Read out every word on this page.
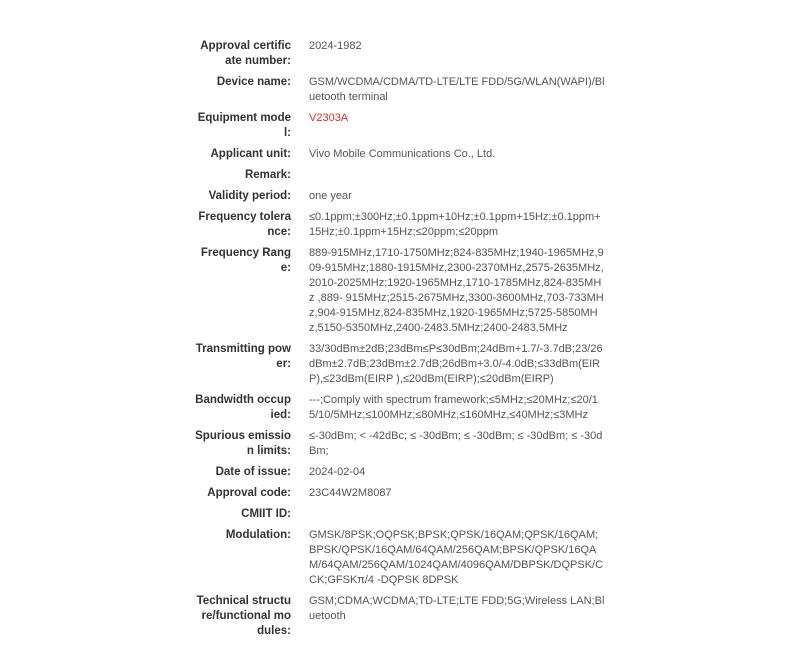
Approval certificate number:
2024-1982
Device name: GSM/WCDMA/CDMA/TD-LTE/LTE FDD/5G/WLAN(WAPI)/Bluetooth terminal
Equipment model:
V2303A
Applicant unit: Vivo Mobile Communications Co., Ltd.
Remark:
Validity period: one year
Frequency tolerance:
≤0.1ppm;±300Hz;±0.1ppm+10Hz;±0.1ppm+15Hz;±0.1ppm+15Hz;±0.1ppm+15Hz;≤20ppm;≤20ppm
Frequency Range:
889-915MHz,1710-1750MHz;824-835MHz;1940-1965MHz,909-915MHz;1880-1915MHz,2300-2370MHz,2575-2635MHz,2010-2025MHz;1920-1965MHz,1710-1785MHz,824-835MHz ,889- 915MHz;2515-2675MHz,3300-3600MHz,703-733MHz,904-915MHz,824-835MHz,1920-1965MHz;5725-5850MHz,5150-5350MHz,2400-2483.5MHz;2400-2483.5MHz
Transmitting power:
33/30dBm±2dB;23dBm≤P≤30dBm;24dBm+1.7/-3.7dB;23/26dBm±2.7dB;23dBm±2.7dB;26dBm+3.0/-4.0dB;≤33dBm(EIRP),≤23dBm(EIRP ),≤20dBm(EIRP);≤20dBm(EIRP)
Bandwidth occupied:
---;Comply with spectrum framework;≤5MHz;≤20MHz;≤20/15/10/5MHz;≤100MHz;≤80MHz,≤160MHz,≤40MHz;≤3MHz
Spurious emission limits:
≤-30dBm; < -42dBc; ≤ -30dBm; ≤ -30dBm; ≤ -30dBm; ≤ -30dBm;
Date of issue: 2024-02-04
Approval code: 23C44W2M8087
CMIIT ID:
Modulation: GMSK/8PSK;OQPSK;BPSK;QPSK/16QAM;QPSK/16QAM;BPSK/QPSK/16QAM/64QAM/256QAM;BPSK/QPSK/16QAM/64QAM/256QAM/1024QAM/4096QAM/DBPSK/DQPSK/CCK;GFSKπ/4 -DQPSK 8DPSK
Technical structure/functional modules:
GSM;CDMA;WCDMA;TD-LTE;LTE FDD;5G;Wireless LAN;Bluetooth
